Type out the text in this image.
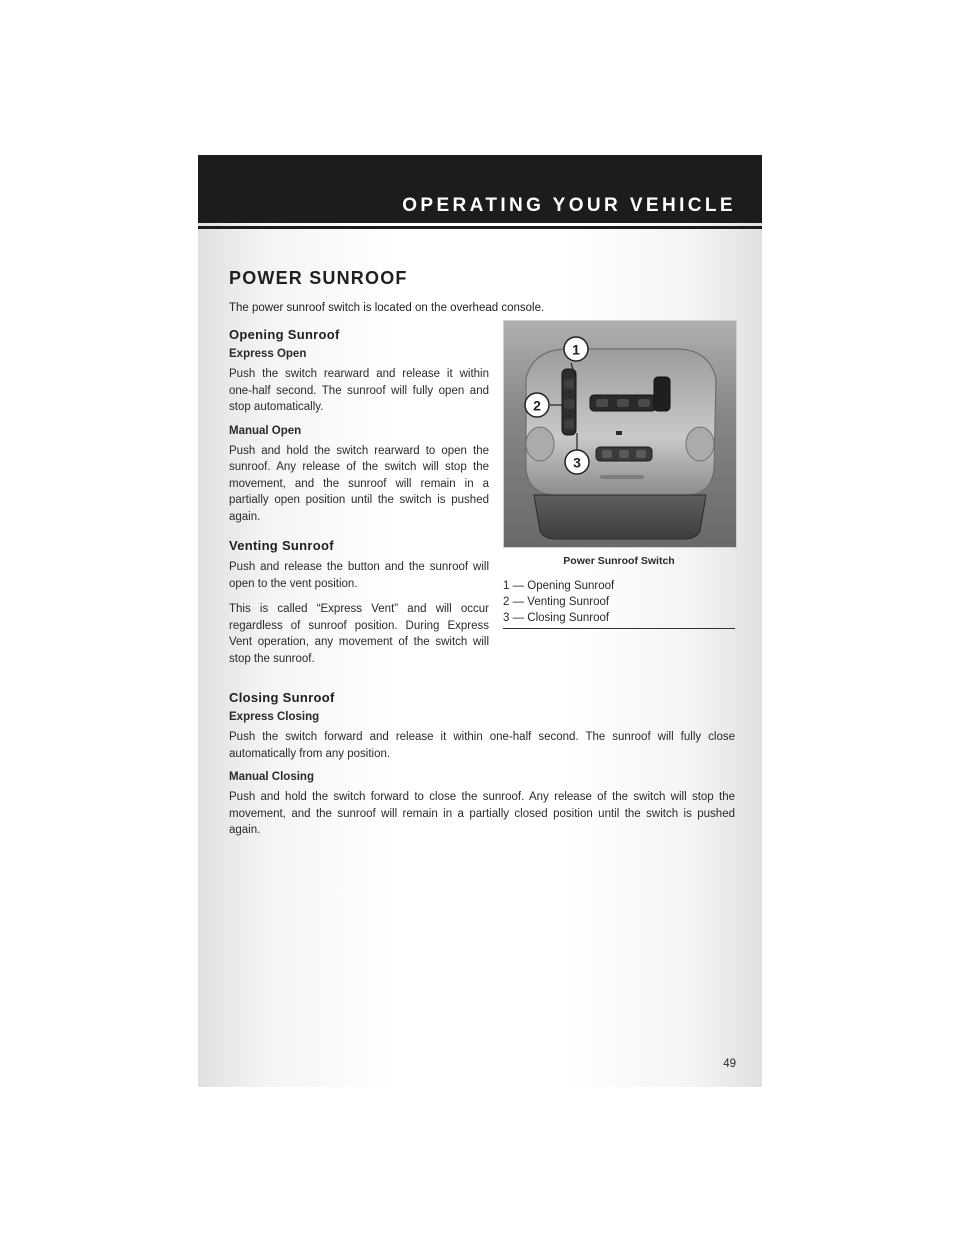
OPERATING YOUR VEHICLE
POWER SUNROOF

The power sunroof switch is located on the overhead console.

Opening Sunroof
Express Open

Push the switch rearward and release it within one-half second. The sunroof will fully open and stop automatically.

Manual Open

Push and hold the switch rearward to open the sunroof. Any release of the switch will stop the movement, and the sunroof will remain in a partially open position until the switch is pushed again.

Venting Sunroof

Push and release the button and the sunroof will open to the vent position.

This is called “Express Vent” and will occur regardless of sunroof position. During Express Vent operation, any movement of the switch will stop the sunroof.

1
2
3
Power Sunroof Switch
1 — Opening Sunroof
2 — Venting Sunroof
3 — Closing Sunroof
Closing Sunroof
Express Closing

Push the switch forward and release it within one-half second. The sunroof will fully close automatically from any position.

Manual Closing

Push and hold the switch forward to close the sunroof. Any release of the switch will stop the movement, and the sunroof will remain in a partially closed position until the switch is pushed again.

49
